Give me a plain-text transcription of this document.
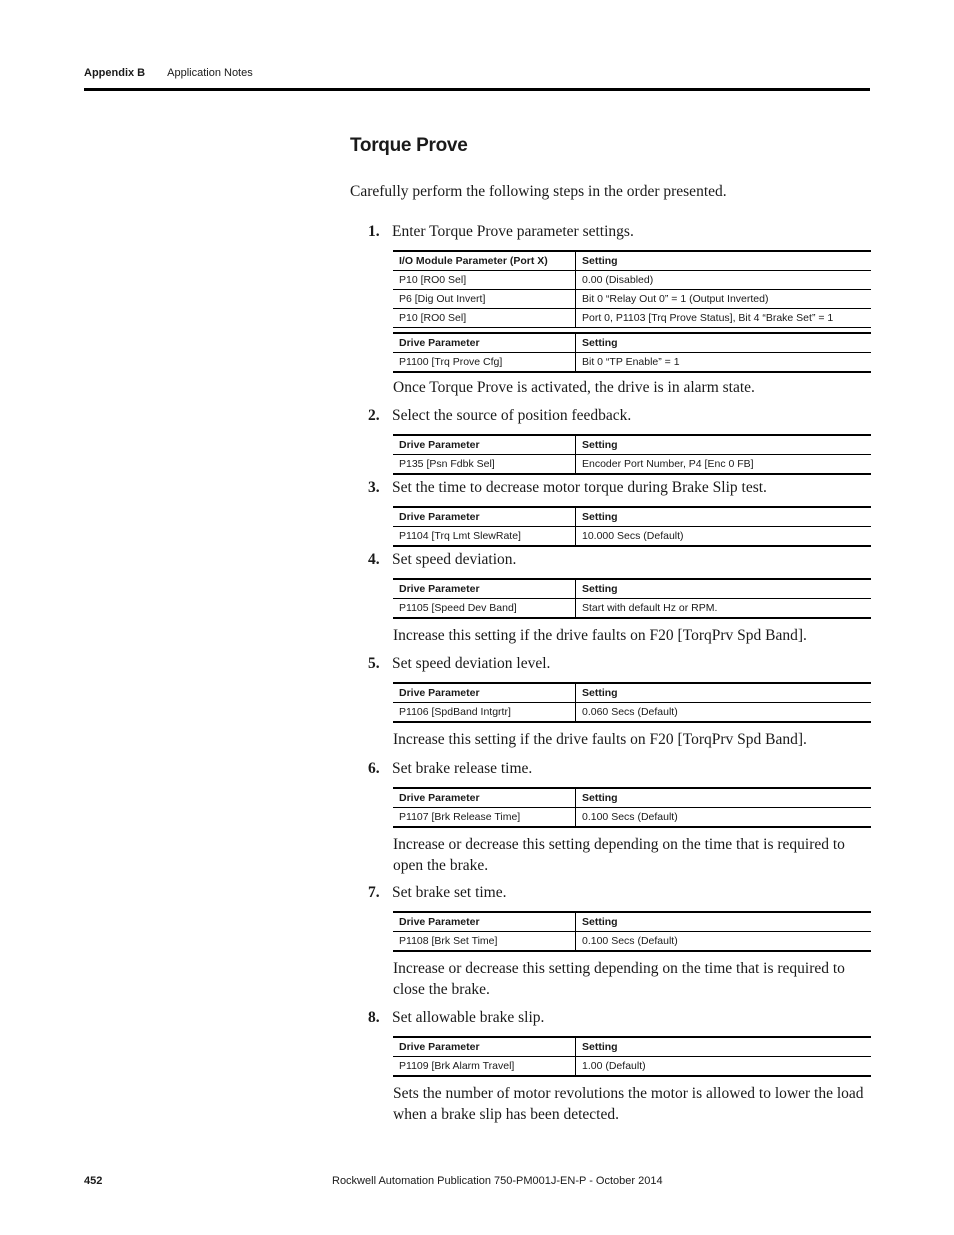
Appendix B Application Notes
Torque Prove
Carefully perform the following steps in the order presented.
1. Enter Torque Prove parameter settings.
I/O Module Parameter (Port X)	Setting
P10 [RO0 Sel]	0.00 (Disabled)
P6 [Dig Out Invert]	Bit 0 “Relay Out 0” = 1 (Output Inverted)
P10 [RO0 Sel]	Port 0, P1103 [Trq Prove Status], Bit 4 “Brake Set” = 1
Drive Parameter	Setting
P1100 [Trq Prove Cfg]	Bit 0 “TP Enable” = 1
Once Torque Prove is activated, the drive is in alarm state.
2. Select the source of position feedback.
Drive Parameter	Setting
P135 [Psn Fdbk Sel]	Encoder Port Number, P4 [Enc 0 FB]
3. Set the time to decrease motor torque during Brake Slip test.
Drive Parameter	Setting
P1104 [Trq Lmt SlewRate]	10.000 Secs (Default)
4. Set speed deviation.
Drive Parameter	Setting
P1105 [Speed Dev Band]	Start with default Hz or RPM.
Increase this setting if the drive faults on F20 [TorqPrv Spd Band].
5. Set speed deviation level.
Drive Parameter	Setting
P1106 [SpdBand Intgrtr]	0.060 Secs (Default)
Increase this setting if the drive faults on F20 [TorqPrv Spd Band].
6. Set brake release time.
Drive Parameter	Setting
P1107 [Brk Release Time]	0.100 Secs (Default)
Increase or decrease this setting depending on the time that is required to open the brake.
7. Set brake set time.
Drive Parameter	Setting
P1108 [Brk Set Time]	0.100 Secs (Default)
Increase or decrease this setting depending on the time that is required to close the brake.
8. Set allowable brake slip.
Drive Parameter	Setting
P1109 [Brk Alarm Travel]	1.00 (Default)
Sets the number of motor revolutions the motor is allowed to lower the load when a brake slip has been detected.
452	Rockwell Automation Publication 750-PM001J-EN-P - October 2014
